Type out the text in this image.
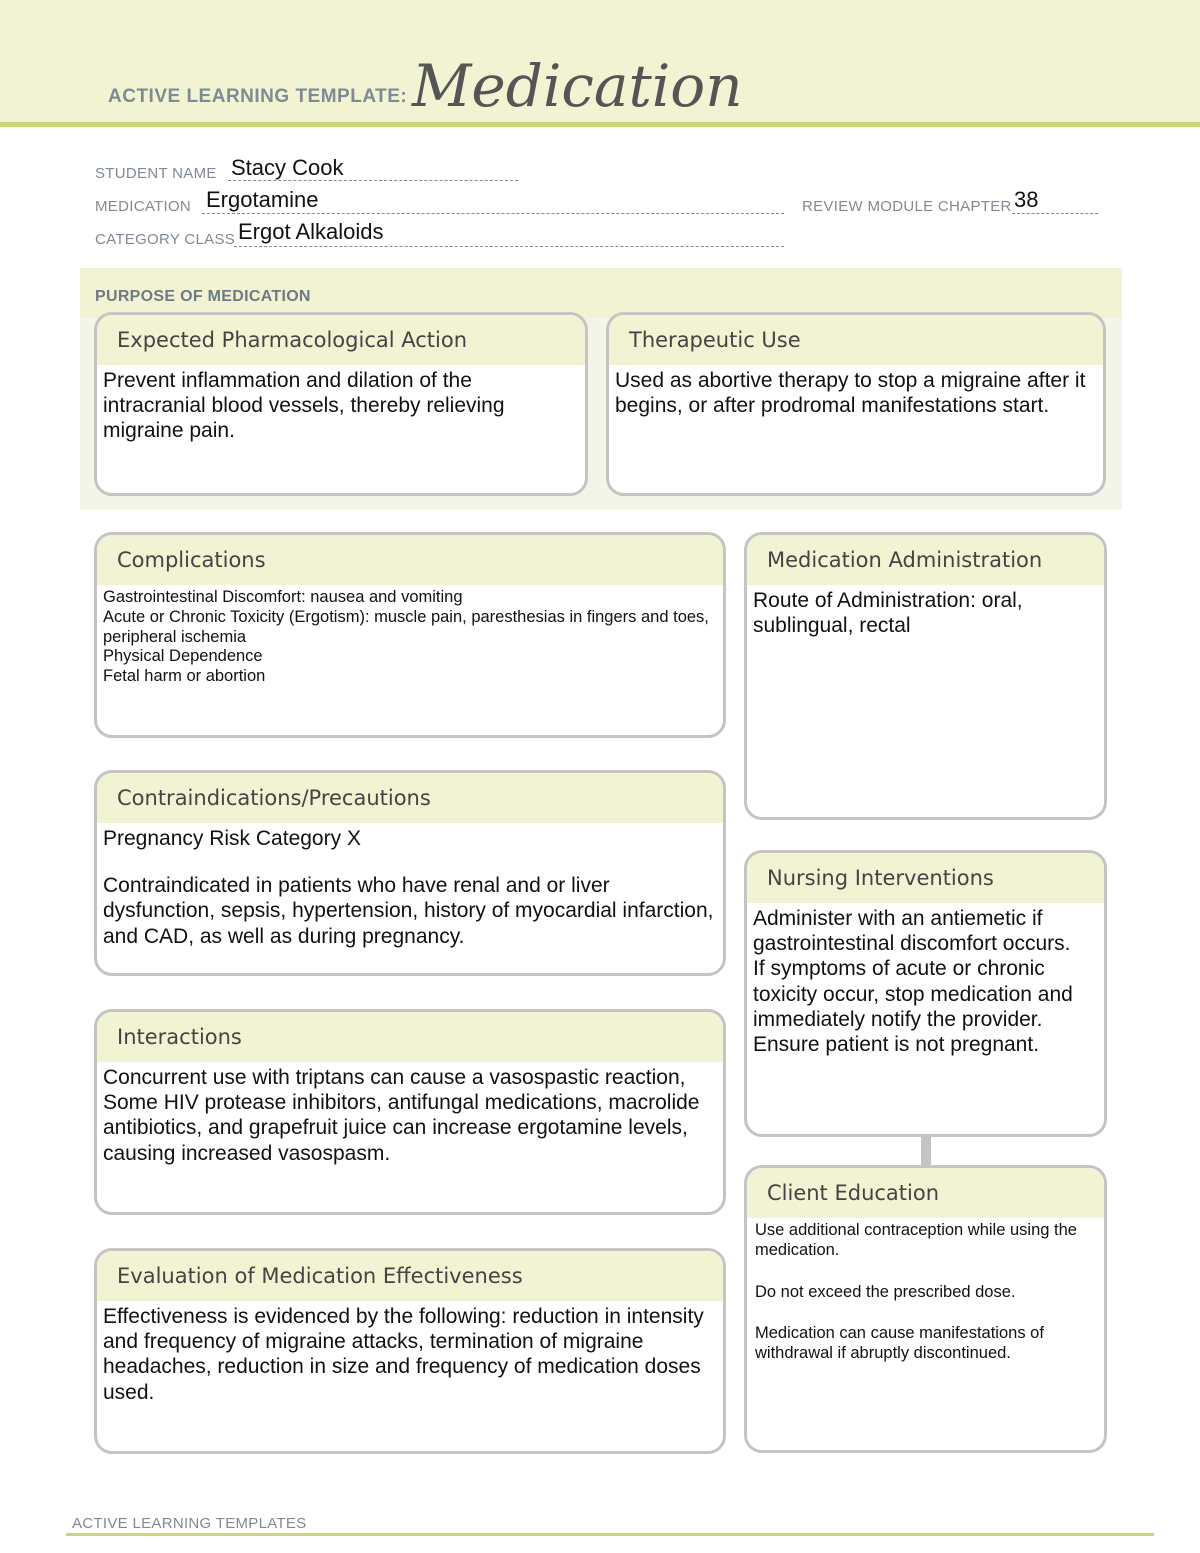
ACTIVE LEARNING TEMPLATE: Medication
STUDENT NAME Stacy Cook
MEDICATION Ergotamine	REVIEW MODULE CHAPTER 38
CATEGORY CLASS Ergot Alkaloids
PURPOSE OF MEDICATION
Expected Pharmacological Action
Prevent inflammation and dilation of the intracranial blood vessels, thereby relieving migraine pain.
Therapeutic Use
Used as abortive therapy to stop a migraine after it begins, or after prodromal manifestations start.
Complications
Gastrointestinal Discomfort: nausea and vomiting
Acute or Chronic Toxicity (Ergotism): muscle pain, paresthesias in fingers and toes, peripheral ischemia
Physical Dependence
Fetal harm or abortion
Medication Administration
Route of Administration: oral, sublingual, rectal
Contraindications/Precautions
Pregnancy Risk Category X
Contraindicated in patients who have renal and or liver dysfunction, sepsis, hypertension, history of myocardial infarction, and CAD, as well as during pregnancy.
Nursing Interventions
Administer with an antiemetic if gastrointestinal discomfort occurs.
If symptoms of acute or chronic toxicity occur, stop medication and immediately notify the provider.
Ensure patient is not pregnant.
Interactions
Concurrent use with triptans can cause a vasospastic reaction,
Some HIV protease inhibitors, antifungal medications, macrolide antibiotics, and grapefruit juice can increase ergotamine levels, causing increased vasospasm.
Client Education
Use additional contraception while using the medication.
Do not exceed the prescribed dose.
Medication can cause manifestations of withdrawal if abruptly discontinued.
Evaluation of Medication Effectiveness
Effectiveness is evidenced by the following: reduction in intensity and frequency of migraine attacks, termination of migraine headaches, reduction in size and frequency of medication doses used.
ACTIVE LEARNING TEMPLATES
